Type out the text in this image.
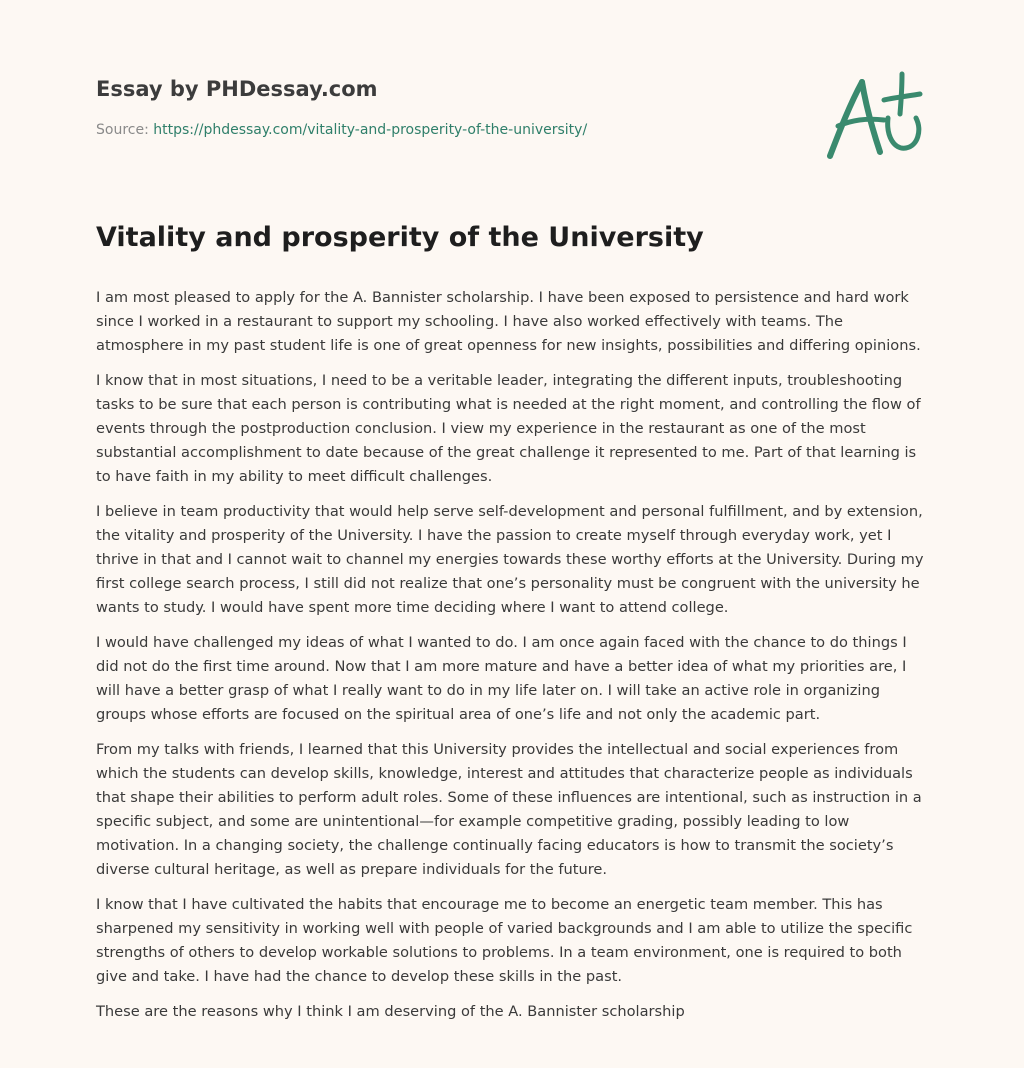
Essay by PHDessay.com
Source: https://phdessay.com/vitality-and-prosperity-of-the-university/
Vitality and prosperity of the University

I am most pleased to apply for the A. Bannister scholarship. I have been exposed to persistence and hard work since I worked in a restaurant to support my schooling. I have also worked effectively with teams. The atmosphere in my past student life is one of great openness for new insights, possibilities and differing opinions.

I know that in most situations, I need to be a veritable leader, integrating the different inputs, troubleshooting tasks to be sure that each person is contributing what is needed at the right moment, and controlling the flow of events through the postproduction conclusion. I view my experience in the restaurant as one of the most substantial accomplishment to date because of the great challenge it represented to me. Part of that learning is to have faith in my ability to meet difficult challenges.

I believe in team productivity that would help serve self-development and personal fulfillment, and by extension, the vitality and prosperity of the University. I have the passion to create myself through everyday work, yet I thrive in that and I cannot wait to channel my energies towards these worthy efforts at the University. During my first college search process, I still did not realize that one’s personality must be congruent with the university he wants to study. I would have spent more time deciding where I want to attend college.

I would have challenged my ideas of what I wanted to do. I am once again faced with the chance to do things I did not do the first time around. Now that I am more mature and have a better idea of what my priorities are, I will have a better grasp of what I really want to do in my life later on. I will take an active role in organizing groups whose efforts are focused on the spiritual area of one’s life and not only the academic part.

From my talks with friends, I learned that this University provides the intellectual and social experiences from which the students can develop skills, knowledge, interest and attitudes that characterize people as individuals that shape their abilities to perform adult roles. Some of these influences are intentional, such as instruction in a specific subject, and some are unintentional—for example competitive grading, possibly leading to low motivation. In a changing society, the challenge continually facing educators is how to transmit the society’s diverse cultural heritage, as well as prepare individuals for the future.

I know that I have cultivated the habits that encourage me to become an energetic team member. This has sharpened my sensitivity in working well with people of varied backgrounds and I am able to utilize the specific strengths of others to develop workable solutions to problems. In a team environment, one is required to both give and take. I have had the chance to develop these skills in the past.

These are the reasons why I think I am deserving of the A. Bannister scholarship
